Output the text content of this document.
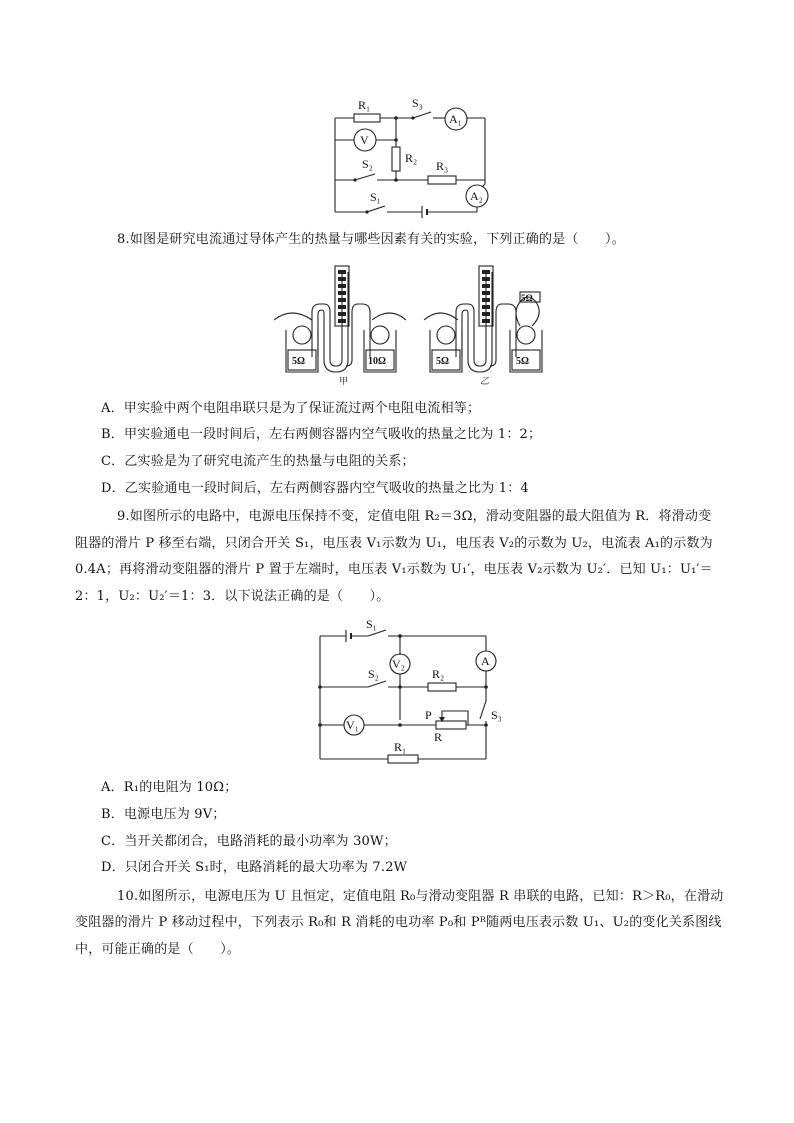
R₁	S₃
A₁
V
S₂	R₂
R₃
A₂
S₁
8.如图是研究电流通过导体产生的热量与哪些因素有关的实验，下列正确的是（　　）。
5Ω	10Ω
甲
5Ω	5Ω
5Ω
乙
A．甲实验中两个电阻串联只是为了保证流过两个电阻电流相等；
B．甲实验通电一段时间后，左右两侧容器内空气吸收的热量之比为 1：2；
C．乙实验是为了研究电流产生的热量与电阻的关系；
D．乙实验通电一段时间后，左右两侧容器内空气吸收的热量之比为 1：4
9.如图所示的电路中，电源电压保持不变，定值电阻 R₂＝3Ω，滑动变阻器的最大阻值为 R．将滑动变
阻器的滑片 P 移至右端，只闭合开关 S₁，电压表 V₁示数为 U₁，电压表 V₂的示数为 U₂，电流表 A₁的示数为
0.4A；再将滑动变阻器的滑片 P 置于左端时，电压表 V₁示数为 U₁′，电压表 V₂示数为 U₂′．已知 U₁：U₁′＝
2：1，U₂：U₂′＝1：3．以下说法正确的是（　　）。
S₁
V₂	A
S₂	R₂
P
R
S₃
V₁
R₁
A．R₁的电阻为 10Ω；
B．电源电压为 9V；
C．当开关都闭合，电路消耗的最小功率为 30W；
D．只闭合开关 S₁时，电路消耗的最大功率为 7.2W
10.如图所示，电源电压为 U 且恒定，定值电阻 R₀与滑动变阻器 R 串联的电路，已知：R＞R₀，在滑动
变阻器的滑片 P 移动过程中，下列表示 R₀和 R 消耗的电功率 P₀和 Pᴿ随两电压表示数 U₁、U₂的变化关系图线
中，可能正确的是（　　）。
